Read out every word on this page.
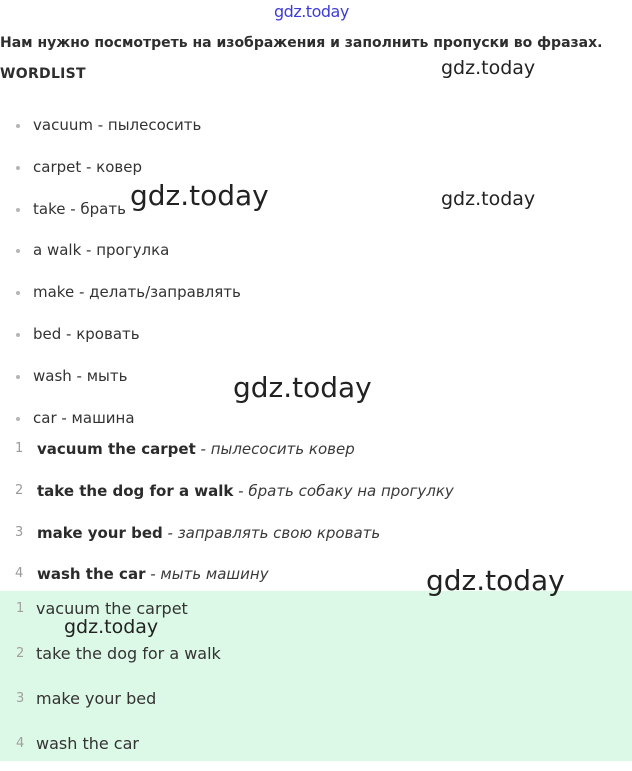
gdz.today
Нам нужно посмотреть на изображения и заполнить пропуски во фразах.
WORDLIST
vacuum - пылесосить
carpet - ковер
take - брать
a walk - прогулка
make - делать/заправлять
bed - кровать
wash - мыть
car - машина
1 vacuum the carpet - пылесосить ковер
2 take the dog for a walk - брать собаку на прогулку
3 make your bed - заправлять свою кровать
4 wash the car - мыть машину
1 vacuum the carpet
2 take the dog for a walk
3 make your bed
4 wash the car
gdz.today
gdz.today	gdz.today
gdz.today
gdz.today
gdz.today
